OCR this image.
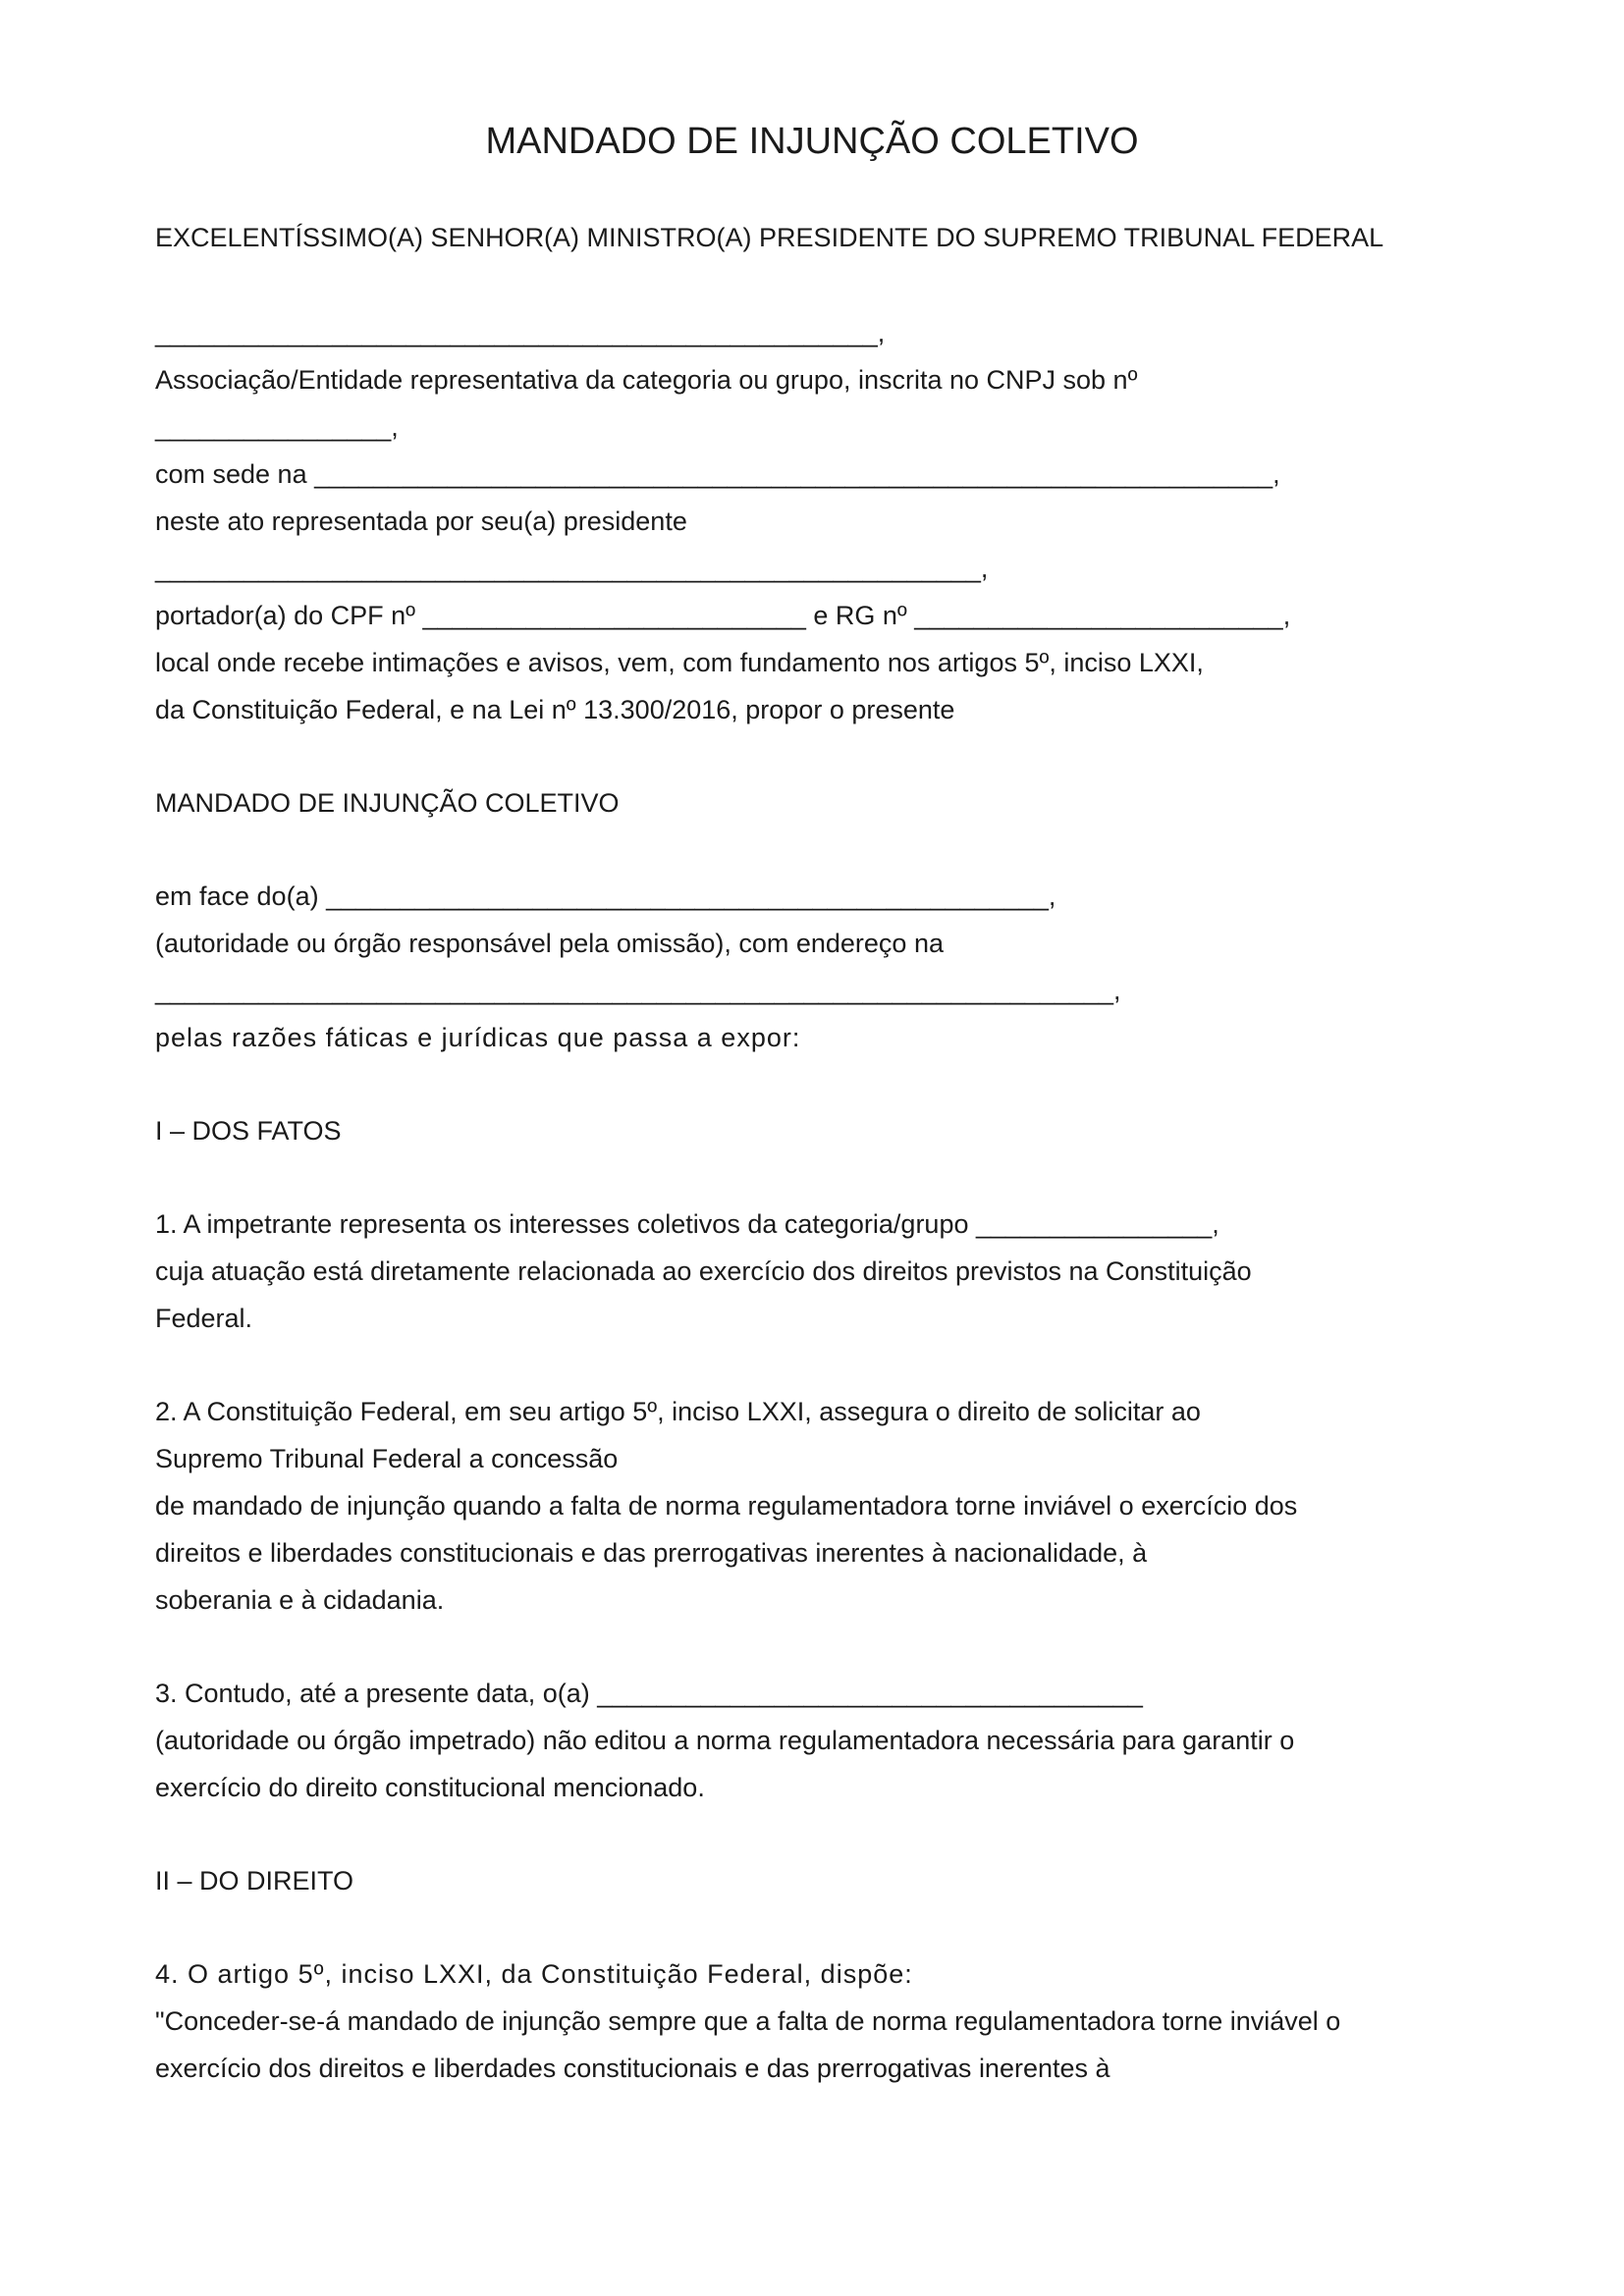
MANDADO DE INJUNÇÃO COLETIVO
EXCELENTÍSSIMO(A) SENHOR(A) MINISTRO(A) PRESIDENTE DO SUPREMO TRIBUNAL FEDERAL
_________________________________________________,
Associação/Entidade representativa da categoria ou grupo, inscrita no CNPJ sob nº
________________,
com sede na _________________________________________________________________,
neste ato representada por seu(a) presidente
________________________________________________________,
portador(a) do CPF nº __________________________ e RG nº _________________________,
local onde recebe intimações e avisos, vem, com fundamento nos artigos 5º, inciso LXXI,
da Constituição Federal, e na Lei nº 13.300/2016, propor o presente
MANDADO DE INJUNÇÃO COLETIVO
em face do(a) _________________________________________________,
(autoridade ou órgão responsável pela omissão), com endereço na
_________________________________________________________________,
pelas razões fáticas e jurídicas que passa a expor:
I – DOS FATOS
1. A impetrante representa os interesses coletivos da categoria/grupo ________________,
cuja atuação está diretamente relacionada ao exercício dos direitos previstos na Constituição
Federal.
2. A Constituição Federal, em seu artigo 5º, inciso LXXI, assegura o direito de solicitar ao
Supremo Tribunal Federal a concessão
de mandado de injunção quando a falta de norma regulamentadora torne inviável o exercício dos
direitos e liberdades constitucionais e das prerrogativas inerentes à nacionalidade, à
soberania e à cidadania.
3. Contudo, até a presente data, o(a) _____________________________________
(autoridade ou órgão impetrado) não editou a norma regulamentadora necessária para garantir o
exercício do direito constitucional mencionado.
II – DO DIREITO
4. O artigo 5º, inciso LXXI, da Constituição Federal, dispõe:
"Conceder-se-á mandado de injunção sempre que a falta de norma regulamentadora torne inviável o
exercício dos direitos e liberdades constitucionais e das prerrogativas inerentes à
